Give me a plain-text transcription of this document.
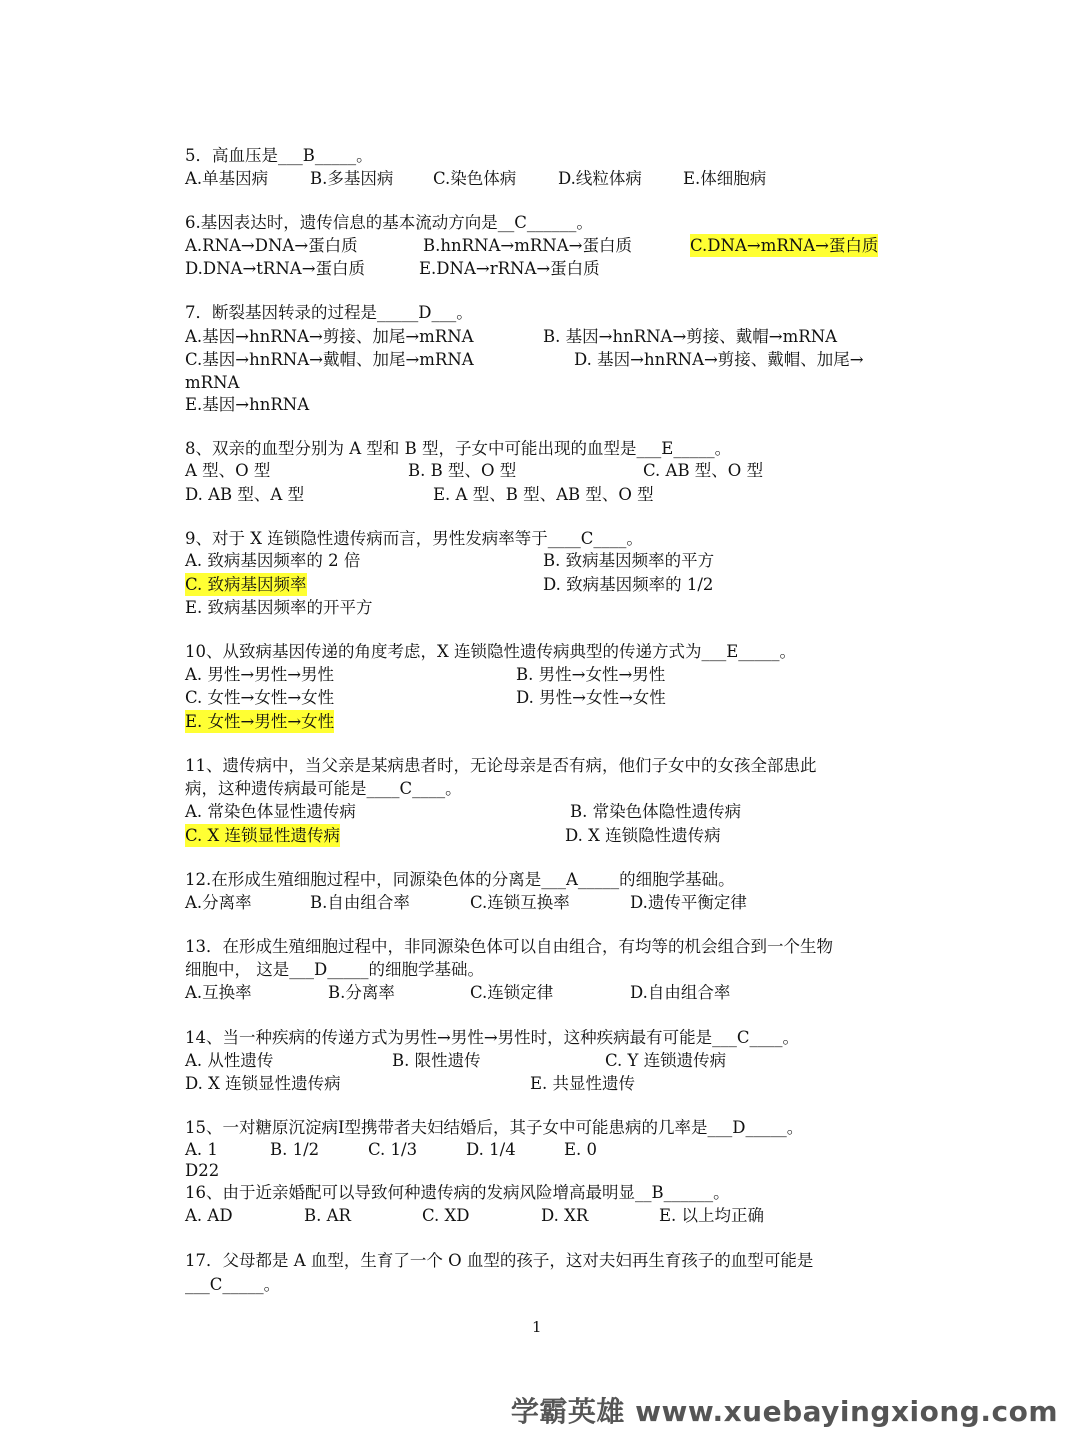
5．高血压是___B_____。
A.单基因病	B.多基因病 C.染色体病	D.线粒体病 E.体细胞病
6.基因表达时，遗传信息的基本流动方向是__C______。
A.RNA→DNA→蛋白质	B.hnRNA→mRNA→蛋白质	C.DNA→mRNA→蛋白质
D.DNA→tRNA→蛋白质	E.DNA→rRNA→蛋白质
7．断裂基因转录的过程是_____D___。
A.基因→hnRNA→剪接、加尾→mRNA	B. 基因→hnRNA→剪接、戴帽→mRNA
C.基因→hnRNA→戴帽、加尾→mRNA	D. 基因→hnRNA→剪接、戴帽、加尾→
mRNA
E.基因→hnRNA
8、双亲的血型分别为 A 型和 B 型，子女中可能出现的血型是___E_____。
A 型、O 型	B. B 型、O 型	C. AB 型、O 型
D. AB 型、A 型	E. A 型、B 型、AB 型、O 型
9、对于 X 连锁隐性遗传病而言，男性发病率等于____C____。
A. 致病基因频率的 2 倍	B. 致病基因频率的平方
C. 致病基因频率	D. 致病基因频率的 1/2
E. 致病基因频率的开平方
10、从致病基因传递的角度考虑，X 连锁隐性遗传病典型的传递方式为___E_____。
A. 男性→男性→男性	B. 男性→女性→男性
C. 女性→女性→女性	D. 男性→女性→女性
E. 女性→男性→女性
11、遗传病中，当父亲是某病患者时，无论母亲是否有病，他们子女中的女孩全部患此
病，这种遗传病最可能是____C____。
A. 常染色体显性遗传病	B. 常染色体隐性遗传病
C. X 连锁显性遗传病	D. X 连锁隐性遗传病
12.在形成生殖细胞过程中，同源染色体的分离是___A_____的细胞学基础。
A.分离率	B.自由组合率	C.连锁互换率	D.遗传平衡定律
13．在形成生殖细胞过程中，非同源染色体可以自由组合，有均等的机会组合到一个生物
细胞中， 这是___D_____的细胞学基础。
A.互换率	B.分离率	C.连锁定律	D.自由组合率
14、当一种疾病的传递方式为男性→男性→男性时，这种疾病最有可能是___C____。
A. 从性遗传	B. 限性遗传	C. Y 连锁遗传病
D. X 连锁显性遗传病	E. 共显性遗传
15、一对糖原沉淀病Ⅰ型携带者夫妇结婚后，其子女中可能患病的几率是___D_____。
A. 1	B. 1/2	C. 1/3	D. 1/4	E. 0
D22
16、由于近亲婚配可以导致何种遗传病的发病风险增高最明显__B______。
A. AD	B. AR	C. XD	D. XR	E. 以上均正确
17．父母都是 A 血型，生育了一个 O 血型的孩子，这对夫妇再生育孩子的血型可能是
___C_____。
1
学霸英雄 www.xuebayingxiong.com
